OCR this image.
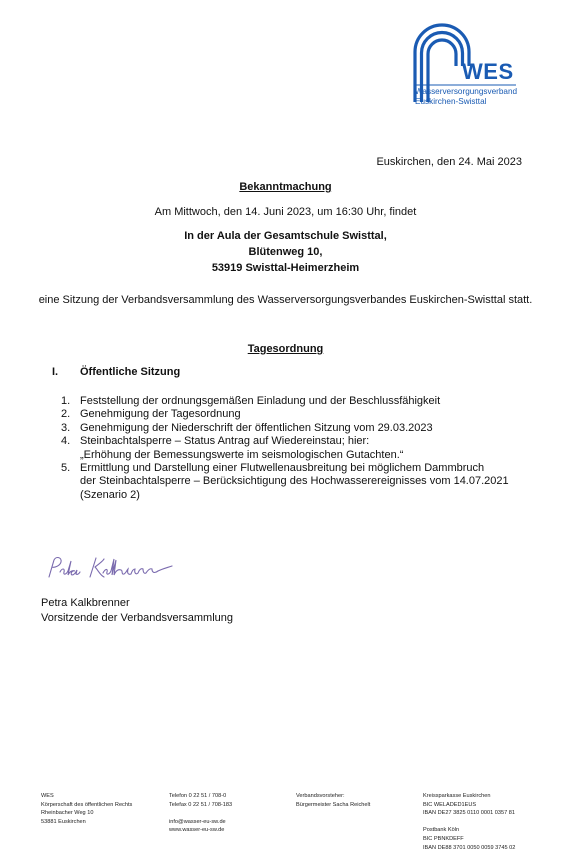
WES
Wasserversorgungsverband
Euskirchen-Swisttal
Euskirchen, den 24. Mai 2023
Bekanntmachung
Am Mittwoch, den 14. Juni 2023, um 16:30 Uhr, findet
In der Aula der Gesamtschule Swisttal,
Blütenweg 10,
53919 Swisttal-Heimerzheim
eine Sitzung der Verbandsversammlung des Wasserversorgungsverbandes Euskirchen-Swisttal statt.
Tagesordnung
I. Öffentliche Sitzung
1. Feststellung der ordnungsgemäßen Einladung und der Beschlussfähigkeit
2. Genehmigung der Tagesordnung
3. Genehmigung der Niederschrift der öffentlichen Sitzung vom 29.03.2023
4. Steinbachtalsperre – Status Antrag auf Wiedereinstau; hier:
„Erhöhung der Bemessungswerte im seismologischen Gutachten.“
5. Ermittlung und Darstellung einer Flutwellenausbreitung bei möglichem Dammbruch
der Steinbachtalsperre – Berücksichtigung des Hochwasserereignisses vom 14.07.2021
(Szenario 2)
Petra Kalkbrenner
Vorsitzende der Verbandsversammlung
WES
Körperschaft des öffentlichen Rechts
Rheinbacher Weg 10
53881 Euskirchen
Telefon 0 22 51 / 708-0
Telefax 0 22 51 / 708-183
info@wasser-eu-sw.de
www.wasser-eu-sw.de
Verbandsvorsteher:
Bürgermeister Sacha Reichelt
Kreissparkasse Euskirchen
BIC WELADED1EUS
IBAN DE27 3825 0110 0001 0357 81
Postbank Köln
BIC PBNKDEFF
IBAN DE88 3701 0050 0059 3745 02
